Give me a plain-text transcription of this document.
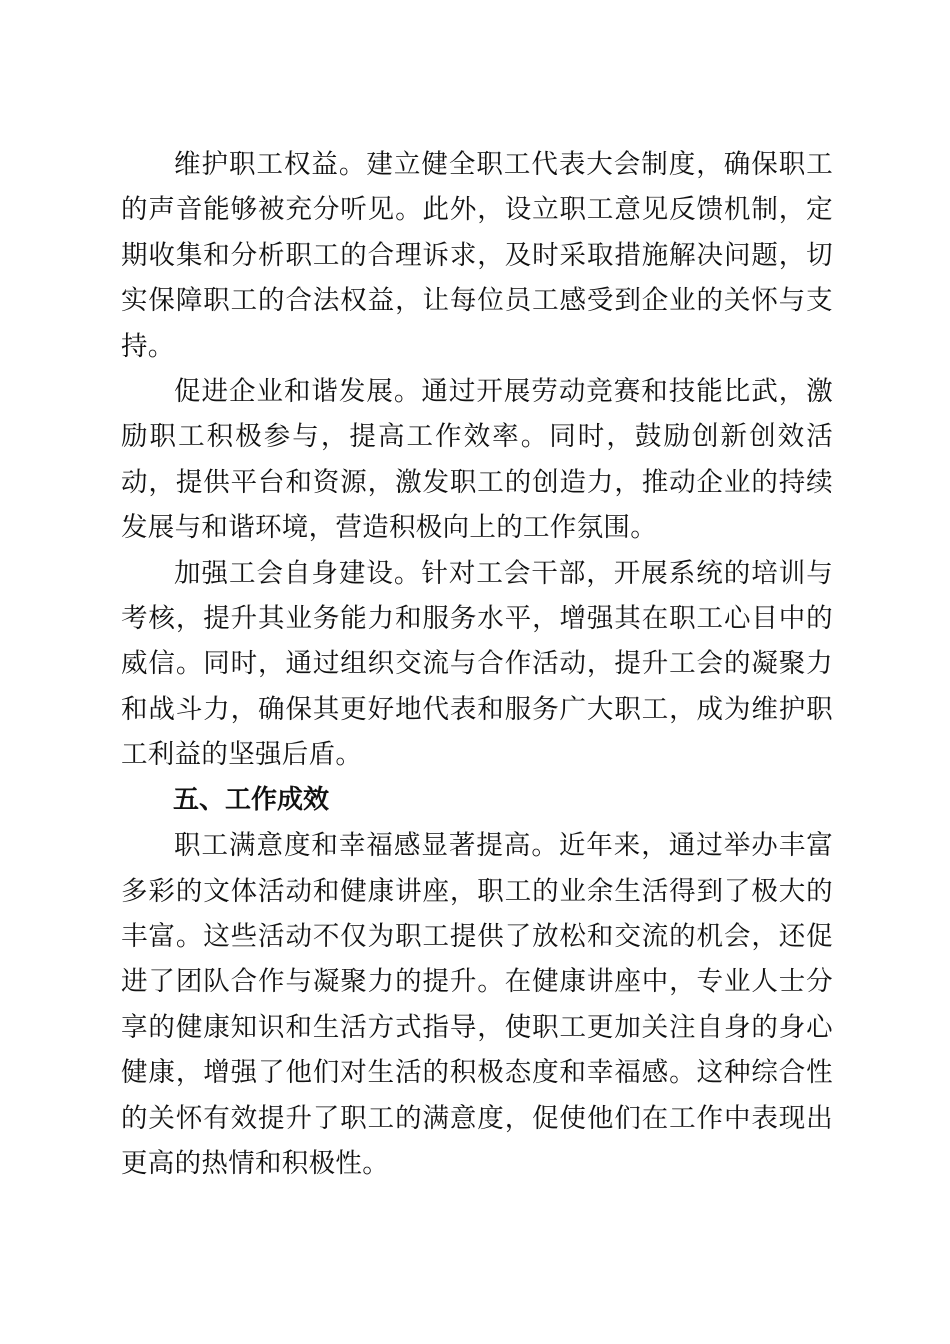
维护职工权益。建立健全职工代表大会制度，确保职工的声音能够被充分听见。此外，设立职工意见反馈机制，定期收集和分析职工的合理诉求，及时采取措施解决问题，切实保障职工的合法权益，让每位员工感受到企业的关怀与支持。

促进企业和谐发展。通过开展劳动竞赛和技能比武，激励职工积极参与，提高工作效率。同时，鼓励创新创效活动，提供平台和资源，激发职工的创造力，推动企业的持续发展与和谐环境，营造积极向上的工作氛围。

加强工会自身建设。针对工会干部，开展系统的培训与考核，提升其业务能力和服务水平，增强其在职工心目中的威信。同时，通过组织交流与合作活动，提升工会的凝聚力和战斗力，确保其更好地代表和服务广大职工，成为维护职工利益的坚强后盾。

五、工作成效

职工满意度和幸福感显著提高。近年来，通过举办丰富多彩的文体活动和健康讲座，职工的业余生活得到了极大的丰富。这些活动不仅为职工提供了放松和交流的机会，还促进了团队合作与凝聚力的提升。在健康讲座中，专业人士分享的健康知识和生活方式指导，使职工更加关注自身的身心健康，增强了他们对生活的积极态度和幸福感。这种综合性的关怀有效提升了职工的满意度，促使他们在工作中表现出更高的热情和积极性。
